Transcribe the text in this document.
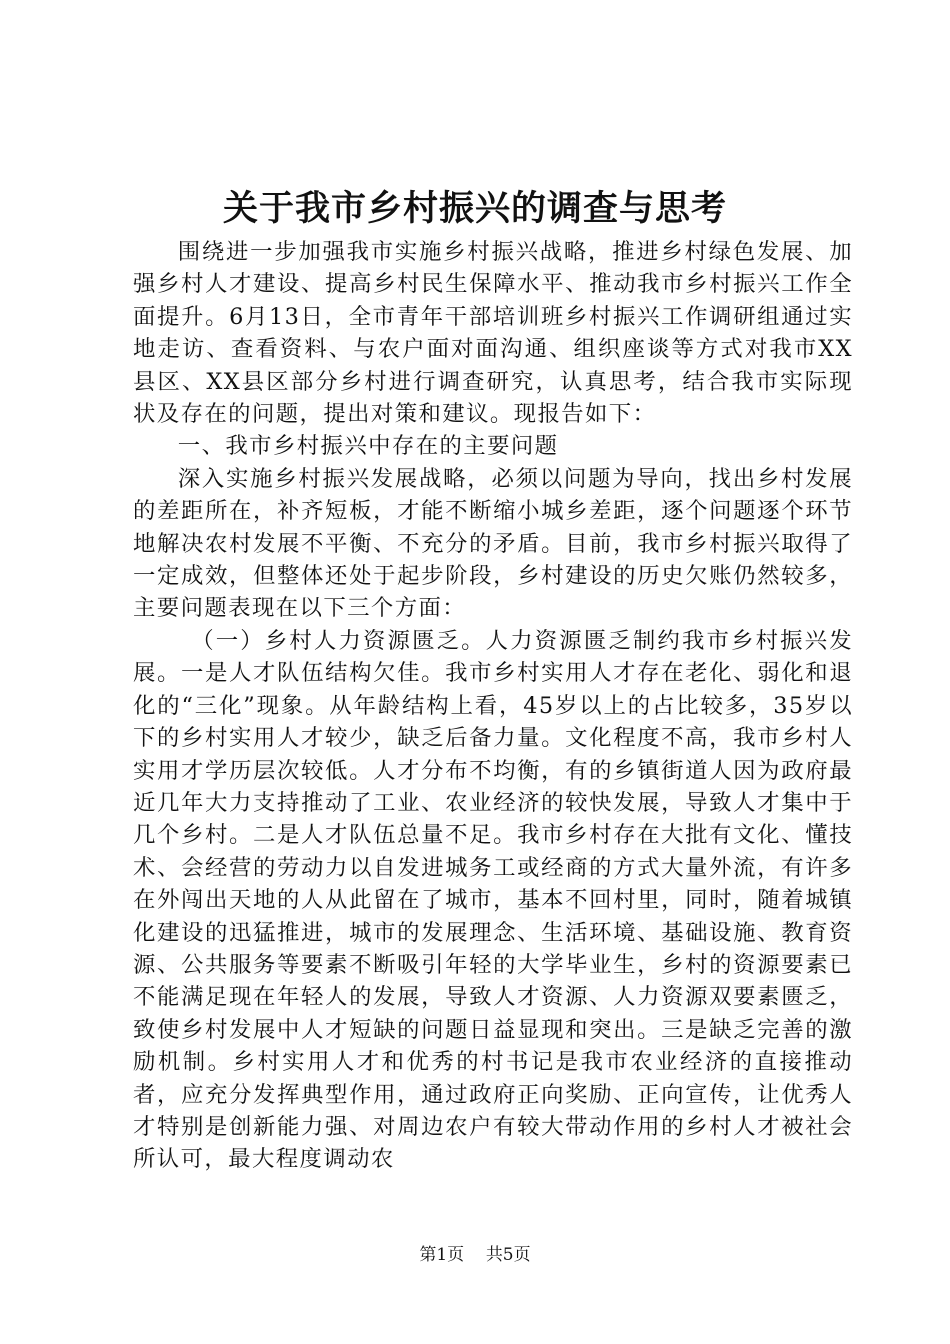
关于我市乡村振兴的调查与思考

围绕进一步加强我市实施乡村振兴战略，推进乡村绿色发展、加强乡村人才建设、提高乡村民生保障水平、推动我市乡村振兴工作全面提升。6月13日，全市青年干部培训班乡村振兴工作调研组通过实地走访、查看资料、与农户面对面沟通、组织座谈等方式对我市XX县区、XX县区部分乡村进行调查研究，认真思考，结合我市实际现状及存在的问题，提出对策和建议。现报告如下：

一、我市乡村振兴中存在的主要问题

深入实施乡村振兴发展战略，必须以问题为导向，找出乡村发展的差距所在，补齐短板，才能不断缩小城乡差距，逐个问题逐个环节地解决农村发展不平衡、不充分的矛盾。目前，我市乡村振兴取得了一定成效，但整体还处于起步阶段，乡村建设的历史欠账仍然较多，主要问题表现在以下三个方面：

（一）乡村人力资源匮乏。人力资源匮乏制约我市乡村振兴发展。一是人才队伍结构欠佳。我市乡村实用人才存在老化、弱化和退化的“三化”现象。从年龄结构上看，45岁以上的占比较多，35岁以下的乡村实用人才较少，缺乏后备力量。文化程度不高，我市乡村人实用才学历层次较低。人才分布不均衡，有的乡镇街道人因为政府最近几年大力支持推动了工业、农业经济的较快发展，导致人才集中于几个乡村。二是人才队伍总量不足。我市乡村存在大批有文化、懂技术、会经营的劳动力以自发进城务工或经商的方式大量外流，有许多在外闯出天地的人从此留在了城市，基本不回村里，同时，随着城镇化建设的迅猛推进，城市的发展理念、生活环境、基础设施、教育资源、公共服务等要素不断吸引年轻的大学毕业生，乡村的资源要素已不能满足现在年轻人的发展，导致人才资源、人力资源双要素匮乏，致使乡村发展中人才短缺的问题日益显现和突出。三是缺乏完善的激励机制。乡村实用人才和优秀的村书记是我市农业经济的直接推动者，应充分发挥典型作用，通过政府正向奖励、正向宣传，让优秀人才特别是创新能力强、对周边农户有较大带动作用的乡村人才被社会所认可，最大程度调动农

第1页 共5页
